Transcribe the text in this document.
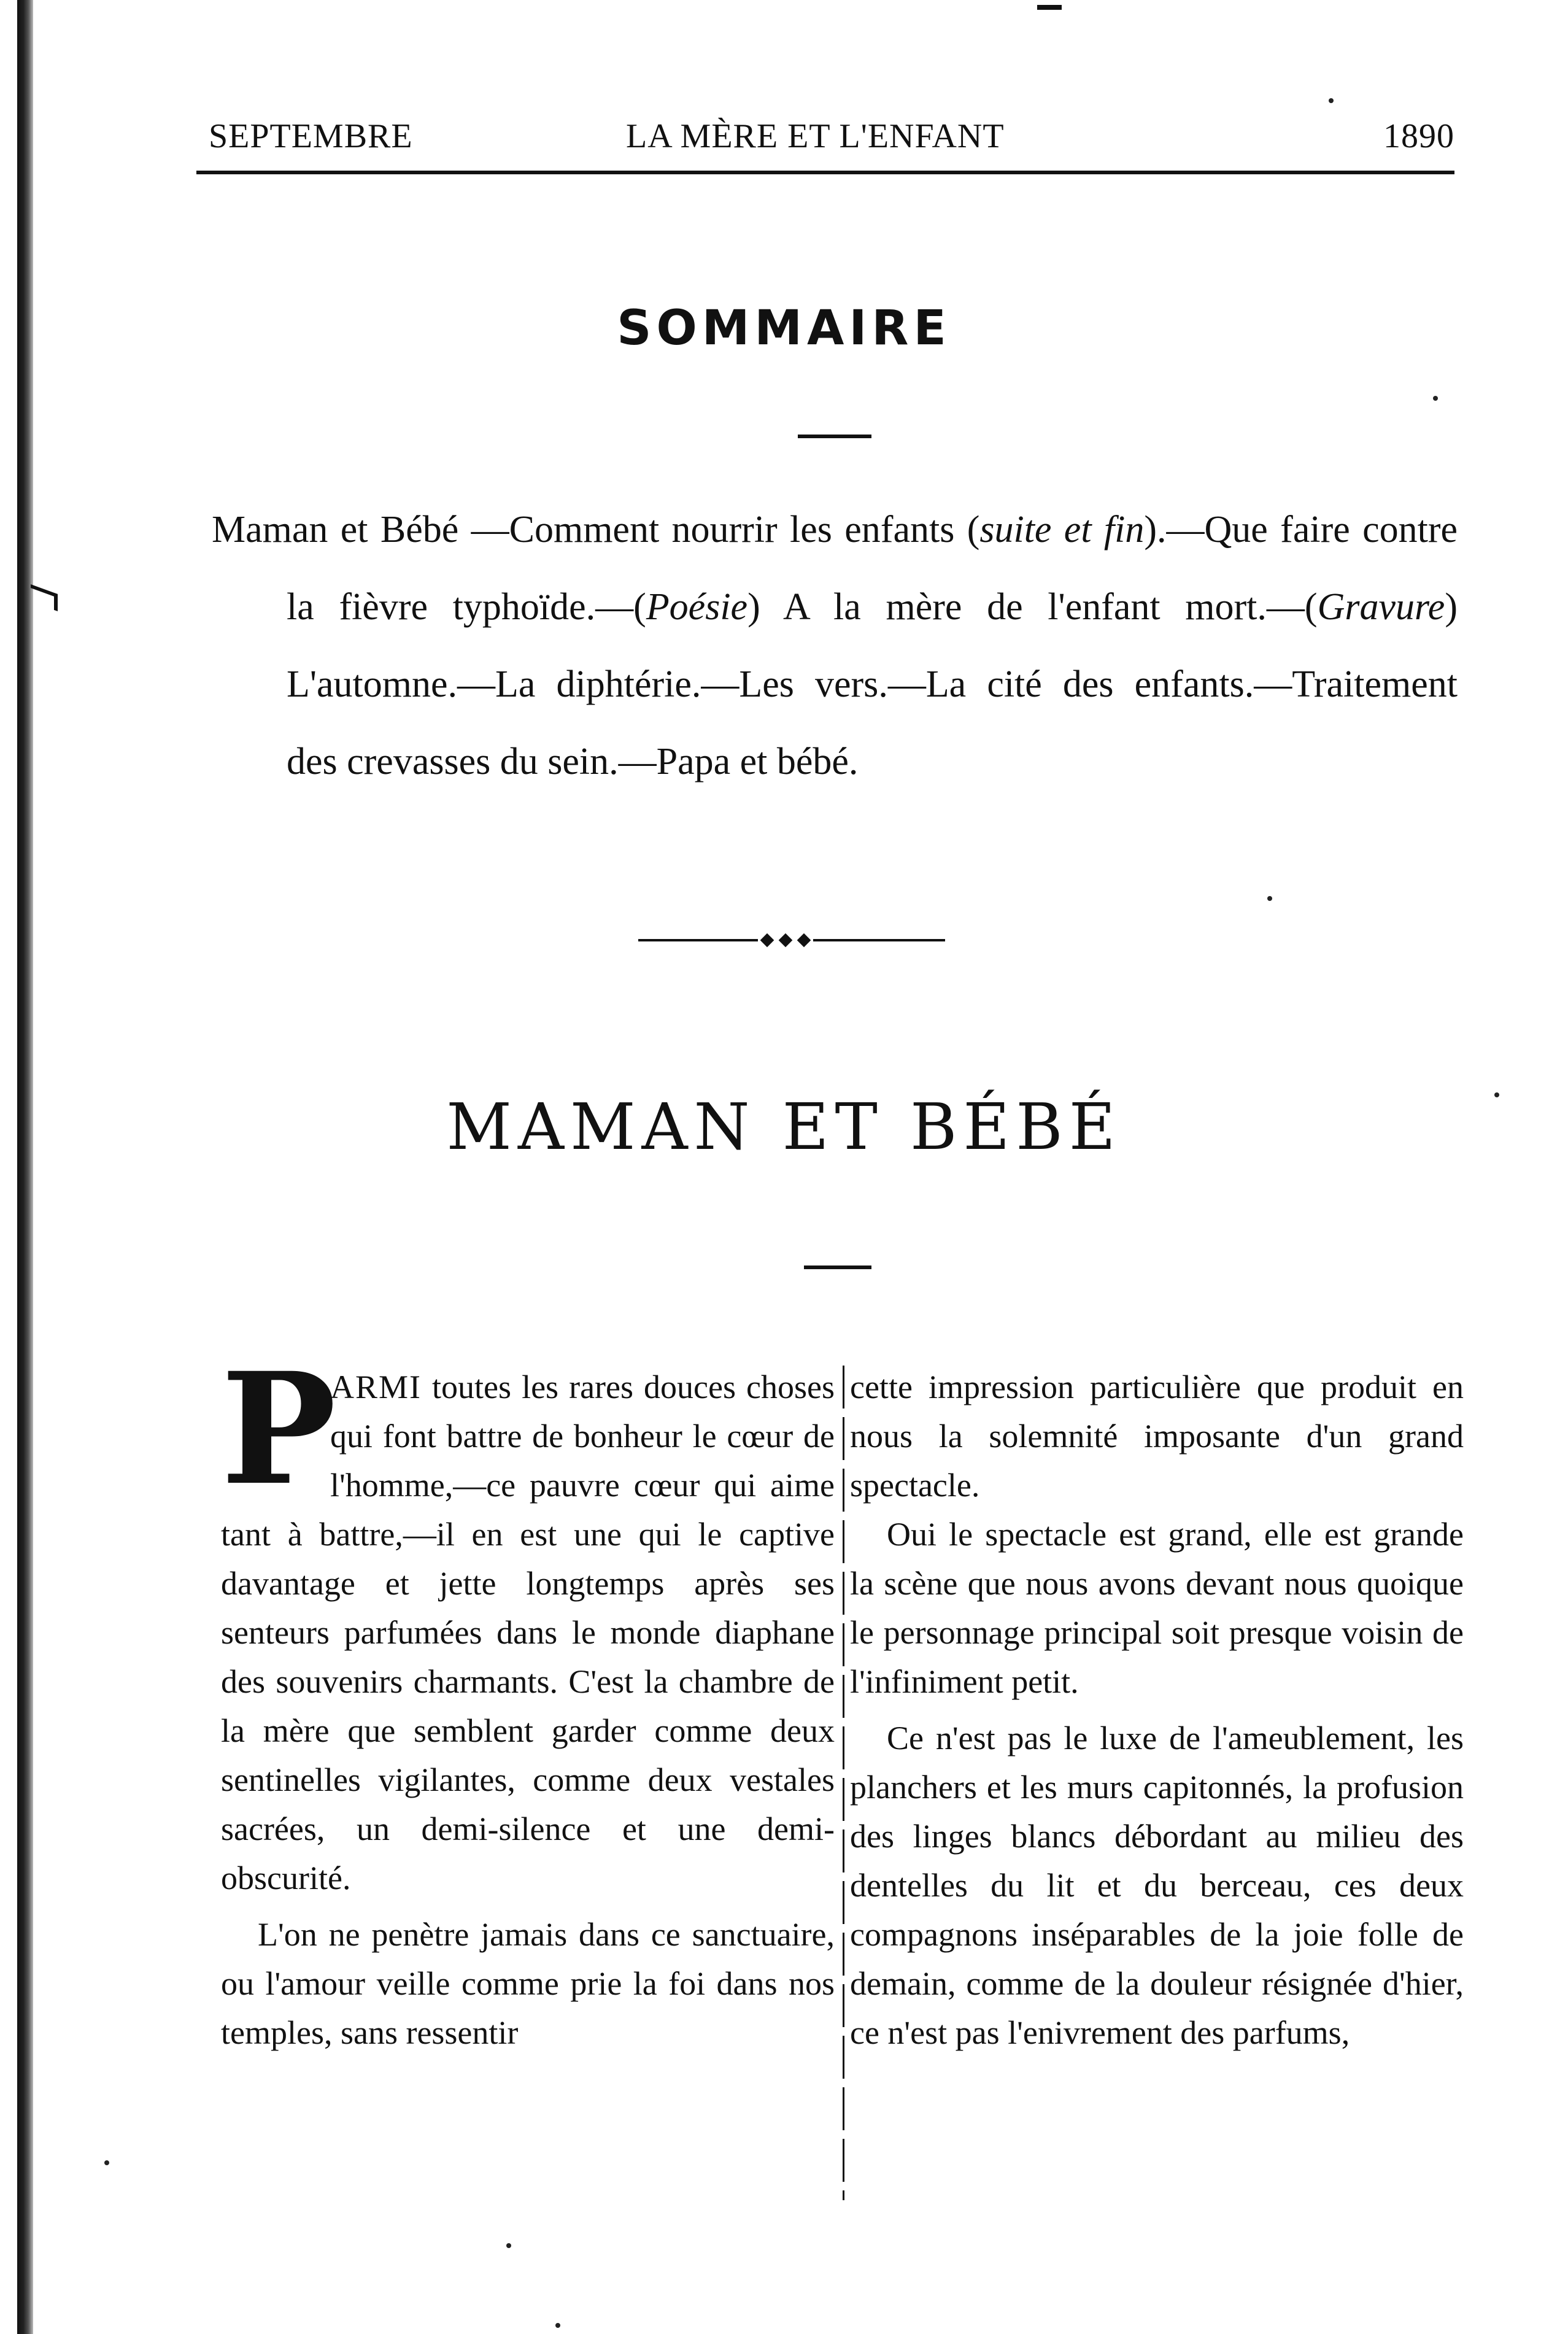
SEPTEMBRE	LA MÈRE ET L'ENFANT	1890
SOMMAIRE
Maman et Bébé —Comment nourrir les enfants (suite et fin).—Que faire contre la fièvre typhoïde.—(Poésie) A la mère de l'enfant mort.—(Gravure) L'automne.—La diphtérie.—Les vers.—La cité des enfants.—Traitement des crevasses du sein.—Papa et bébé.
MAMAN ET BÉBÉ

P
ARMI toutes les rares douces choses qui font battre de bonheur le cœur de l'homme,—ce pauvre cœur qui aime tant à battre,—il en est une qui le captive davantage et jette longtemps après ses senteurs parfumées dans le monde diaphane des souvenirs charmants. C'est la chambre de la mère que semblent garder comme deux sentinelles vigilantes, comme deux vestales sacrées, un demi-silence et une demi-obscurité.

L'on ne penètre jamais dans ce sanctuaire, ou l'amour veille comme prie la foi dans nos temples, sans ressentir

cette impression particulière que produit en nous la solemnité imposante d'un grand spectacle.

Oui le spectacle est grand, elle est grande la scène que nous avons devant nous quoique le personnage principal soit presque voisin de l'infiniment petit.

Ce n'est pas le luxe de l'ameublement, les planchers et les murs capitonnés, la profusion des linges blancs débordant au milieu des dentelles du lit et du berceau, ces deux compagnons inséparables de la joie folle de demain, comme de la douleur résignée d'hier, ce n'est pas l'enivrement des parfums,
